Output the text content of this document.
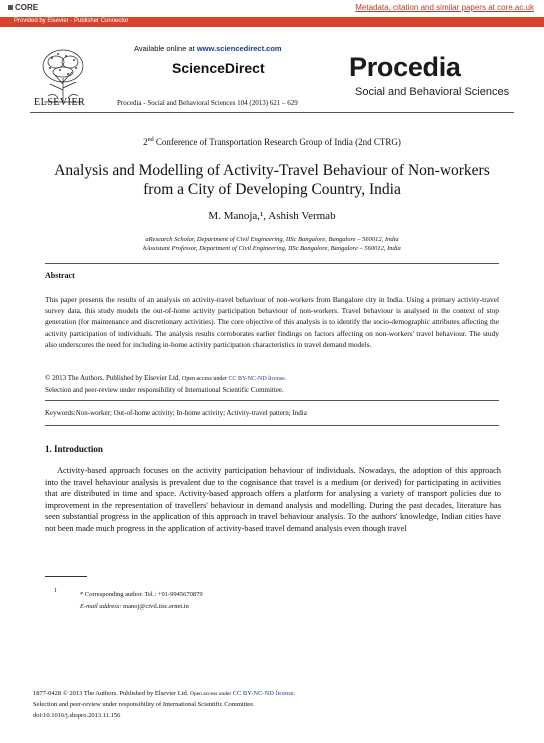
CORE	Metadata, citation and similar papers at core.ac.uk
Provided by Elsevier - Publisher Connector
ELSEVIER
Available online at www.sciencedirect.com
ScienceDirect
Procedia - Social and Behavioral Sciences 104 (2013) 621 – 629
Procedia
Social and Behavioral Sciences
2nd Conference of Transportation Research Group of India (2nd CTRG)
Analysis and Modelling of Activity-Travel Behaviour of Non-workers from a City of Developing Country, India
M. Manoja,¹, Ashish Vermab
aResearch Scholar, Department of Civil Engineering, IISc Bangalore, Bangalore – 560012, India
bAssistant Professor, Department of Civil Engineering, IISc Bangalore, Bangalore – 560012, India
Abstract
This paper presents the results of an analysis on activity-travel behaviour of non-workers from Bangalore city in India. Using a primary activity-travel survey data, this study models the out-of-home activity participation behaviour of non-workers. Travel behaviour is analysed in the context of stop generation (for maintenance and discretionary activities). The core objective of this analysis is to identify the socio-demographic attributes affecting the activity participation of individuals. The analysis results corroborates earlier findings on factors affecting on non-workers' travel behaviour. The study also underscores the need for including in-home activity participation characteristics in travel demand models.
© 2013 The Authors. Published by Elsevier Ltd. Open access under CC BY-NC-ND license.
Selection and peer-review under responsibility of International Scientific Committee.
Keywords:Non-worker; Out-of-home activity; In-home activity; Activity-travel pattern; India
1. Introduction
Activity-based approach focuses on the activity participation behaviour of individuals. Nowadays, the adoption of this approach into the travel behaviour analysis is prevalent due to the cognisance that travel is a medium (or derived) for participating in activities that are distributed in time and space. Activity-based approach offers a platform for analysing a variety of transport policies due to improvement in the representation of travellers' behaviour in demand analysis and modelling. During the past decades, literature has seen substantial progress in the application of this approach in travel behaviour analysis. To the authors' knowledge, Indian cities have not been made much progress in the application of activity-based travel demand analysis even though travel
1	* Corresponding author. Tel.: +91-9945670879
E-mail address: manoj@civil.iisc.ernet.in
1877-0428 © 2013 The Authors. Published by Elsevier Ltd. Open access under CC BY-NC-ND license.
Selection and peer-review under responsibility of International Scientific Committee.
doi:10.1016/j.sbspro.2013.11.156
